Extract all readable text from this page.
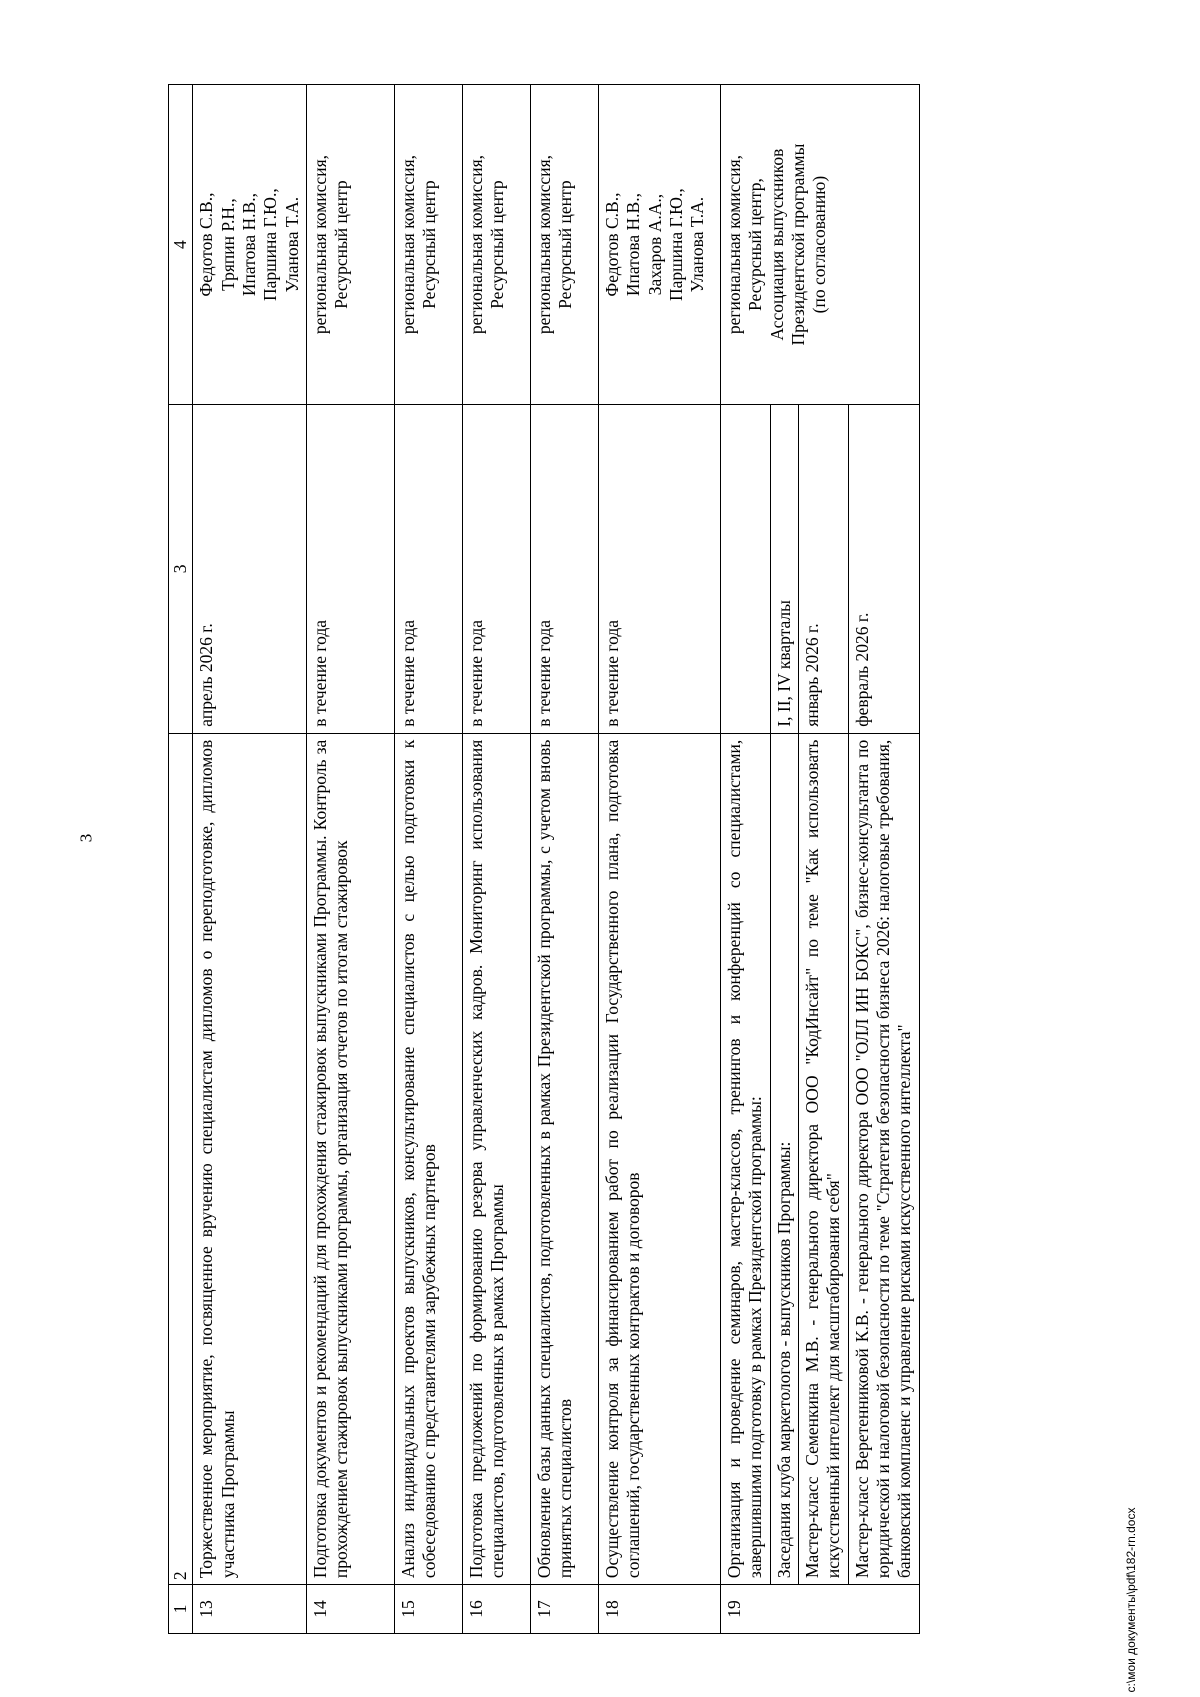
3
1	2	3	4
13	Торжественное мероприятие, посвященное вручению специалистам дипломов о переподготовке, дипломов участника Программы	апрель 2026 г.	Федотов С.В.,
Тряпин Р.Н.,
Ипатова Н.В.,
Паршина Г.Ю.,
Уланова Т.А.
14	Подготовка документов и рекомендаций для прохождения стажировок выпускниками Программы. Контроль за прохождением стажировок выпускниками программы, организация отчетов по итогам стажировок	в течение года	региональная комиссия,
Ресурсный центр
15	Анализ индивидуальных проектов выпускников, консультирование специалистов с целью подготовки к собеседованию с представителями зарубежных партнеров	в течение года	региональная комиссия,
Ресурсный центр
16	Подготовка предложений по формированию резерва управленческих кадров. Мониторинг использования специалистов, подготовленных в рамках Программы	в течение года	региональная комиссия,
Ресурсный центр
17	Обновление базы данных специалистов, подготовленных в рамках Президентской программы, с учетом вновь принятых специалистов	в течение года	региональная комиссия,
Ресурсный центр
18	Осуществление контроля за финансированием работ по реализации Государственного плана, подготовка соглашений, государственных контрактов и договоров	в течение года	Федотов С.В.,
Ипатова Н.В.,
Захаров А.А.,
Паршина Г.Ю.,
Уланова Т.А.
19	Организация и проведение семинаров, мастер-классов, тренингов и конференций со специалистами, завершившими подготовку в рамках Президентской программы:		региональная комиссия,
Ресурсный центр,
Ассоциация выпускников
Президентской программы
(по согласованию)
	Заседания клуба маркетологов - выпускников Программы:	I, II, IV кварталы	
	Мастер-класс Семенкина М.В. - генерального директора ООО "КодИнсайт" по теме "Как использовать искусственный интеллект для масштабирования себя"	январь 2026 г.	
	Мастер-класс Веретенниковой К.В. - генерального директора ООО "ОЛЛ ИН БОКС", бизнес-консультанта по юридической и налоговой безопасности по теме "Стратегия безопасности бизнеса 2026: налоговые требования, банковский комплаенс и управление рисками искусственного интеллекта"	февраль 2026 г.	
c:\мои документы\pdf\182-rn.docx
